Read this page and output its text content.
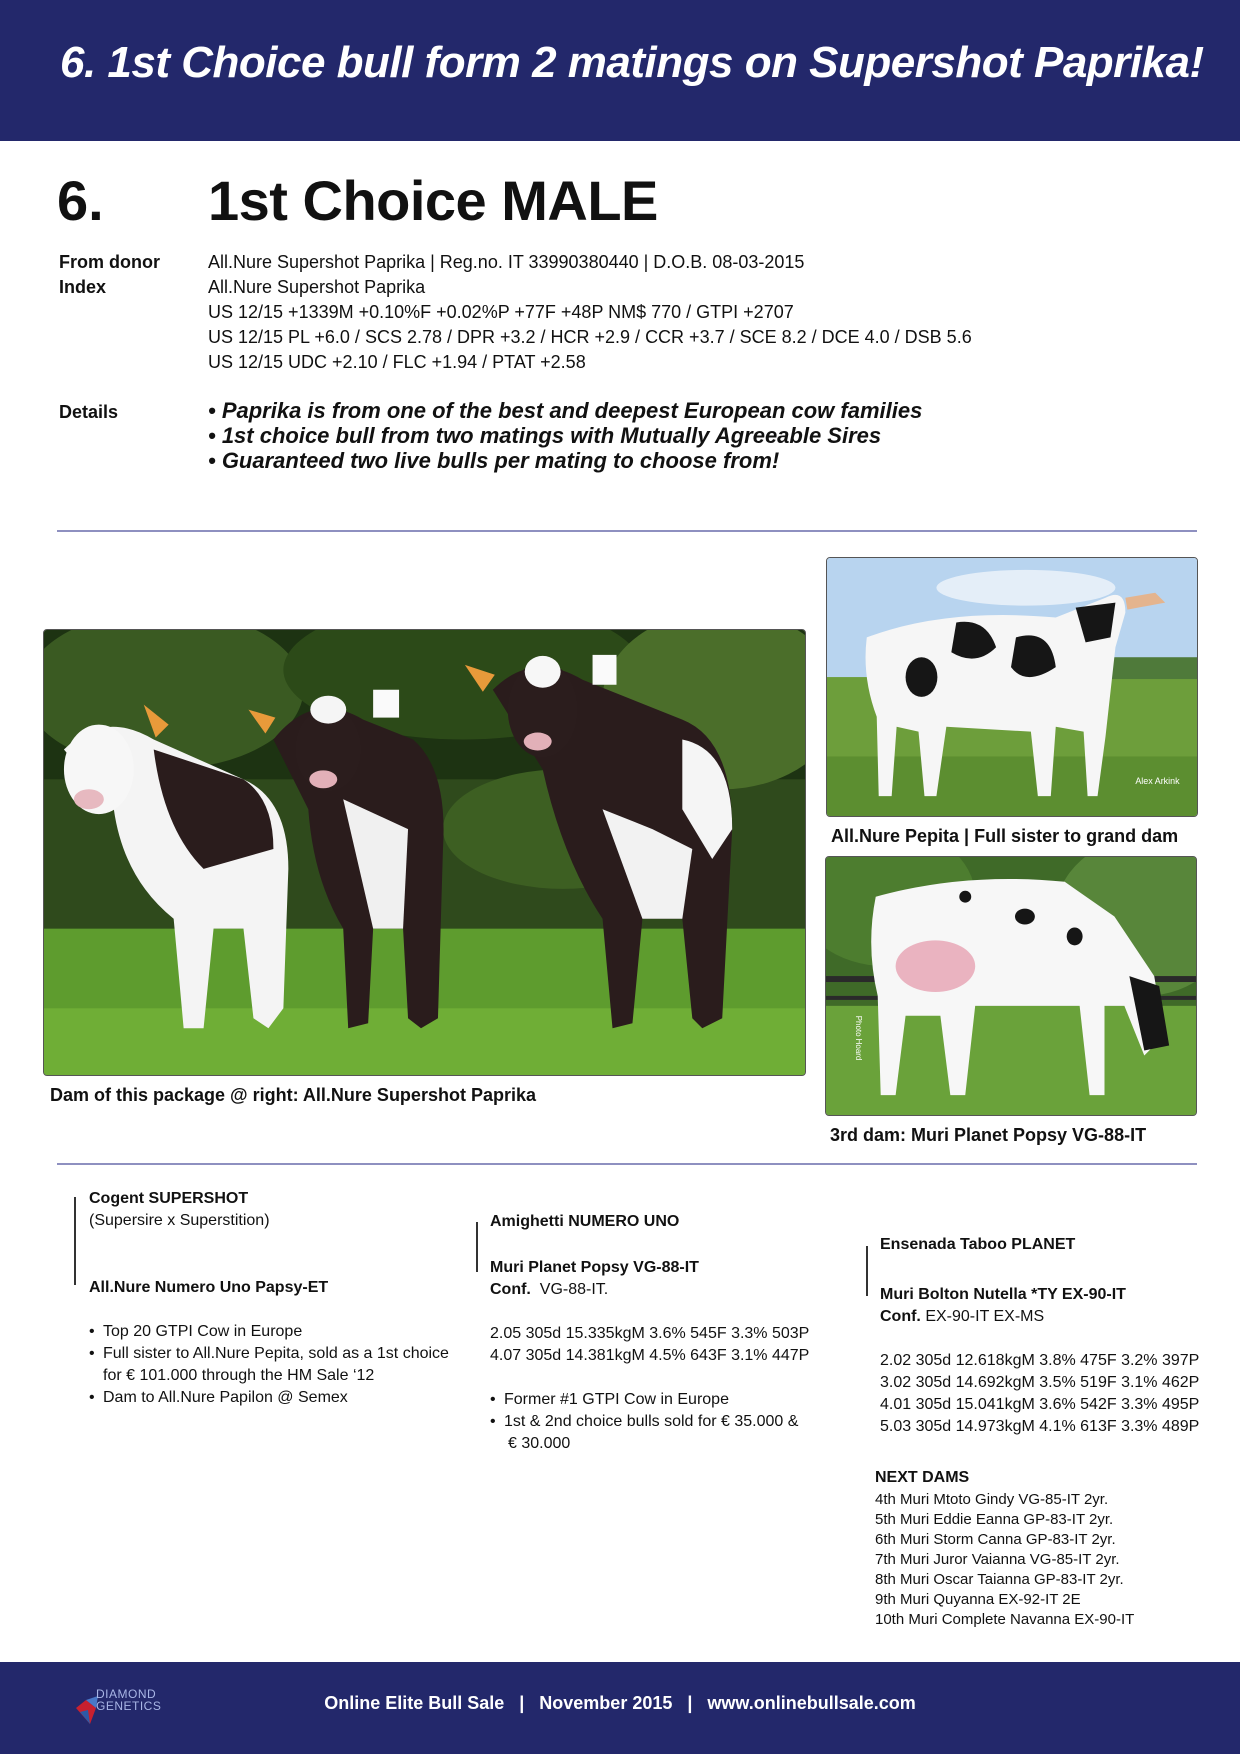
6. 1st Choice bull form 2 matings on Supershot Paprika!
6. 1st Choice MALE
From donor
Index
All.Nure Supershot Paprika | Reg.no. IT 33990380440 | D.O.B. 08-03-2015
All.Nure Supershot Paprika
US 12/15 +1339M +0.10%F +0.02%P +77F +48P NM$ 770 / GTPI +2707
US 12/15 PL +6.0 / SCS 2.78 / DPR +3.2 / HCR +2.9 / CCR +3.7 / SCE 8.2 / DCE 4.0 / DSB 5.6
US 12/15 UDC +2.10 / FLC +1.94 / PTAT +2.58
Details	• Paprika is from one of the best and deepest European cow families
• 1st choice bull from two matings with Mutually Agreeable Sires
• Guaranteed two live bulls per mating to choose from!
Dam of this package @ right: All.Nure Supershot Paprika
Alex Arkink
All.Nure Pepita | Full sister to grand dam
Photo Hoard
3rd dam: Muri Planet Popsy VG-88-IT
Cogent SUPERSHOT
(Supersire x Superstition)
All.Nure Numero Uno Papsy-ET
• Top 20 GTPI Cow in Europe
• Full sister to All.Nure Pepita, sold as a 1st choice
for € 101.000 through the HM Sale ‘12
• Dam to All.Nure Papilon @ Semex
Amighetti NUMERO UNO
Muri Planet Popsy VG-88-IT
Conf. VG-88-IT.
2.05 305d 15.335kgM 3.6% 545F 3.3% 503P
4.07 305d 14.381kgM 4.5% 643F 3.1% 447P
• Former #1 GTPI Cow in Europe
• 1st & 2nd choice bulls sold for € 35.000 &
€ 30.000
Ensenada Taboo PLANET
Muri Bolton Nutella *TY EX-90-IT
Conf. EX-90-IT EX-MS
2.02 305d 12.618kgM 3.8% 475F 3.2% 397P
3.02 305d 14.692kgM 3.5% 519F 3.1% 462P
4.01 305d 15.041kgM 3.6% 542F 3.3% 495P
5.03 305d 14.973kgM 4.1% 613F 3.3% 489P
NEXT DAMS
4th Muri Mtoto Gindy VG-85-IT 2yr.
5th Muri Eddie Eanna GP-83-IT 2yr.
6th Muri Storm Canna GP-83-IT 2yr.
7th Muri Juror Vaianna VG-85-IT 2yr.
8th Muri Oscar Taianna GP-83-IT 2yr.
9th Muri Quyanna EX-92-IT 2E
10th Muri Complete Navanna EX-90-IT
DIAMOND
GENETICS	Online Elite Bull Sale   |   November 2015   |   www.onlinebullsale.com
